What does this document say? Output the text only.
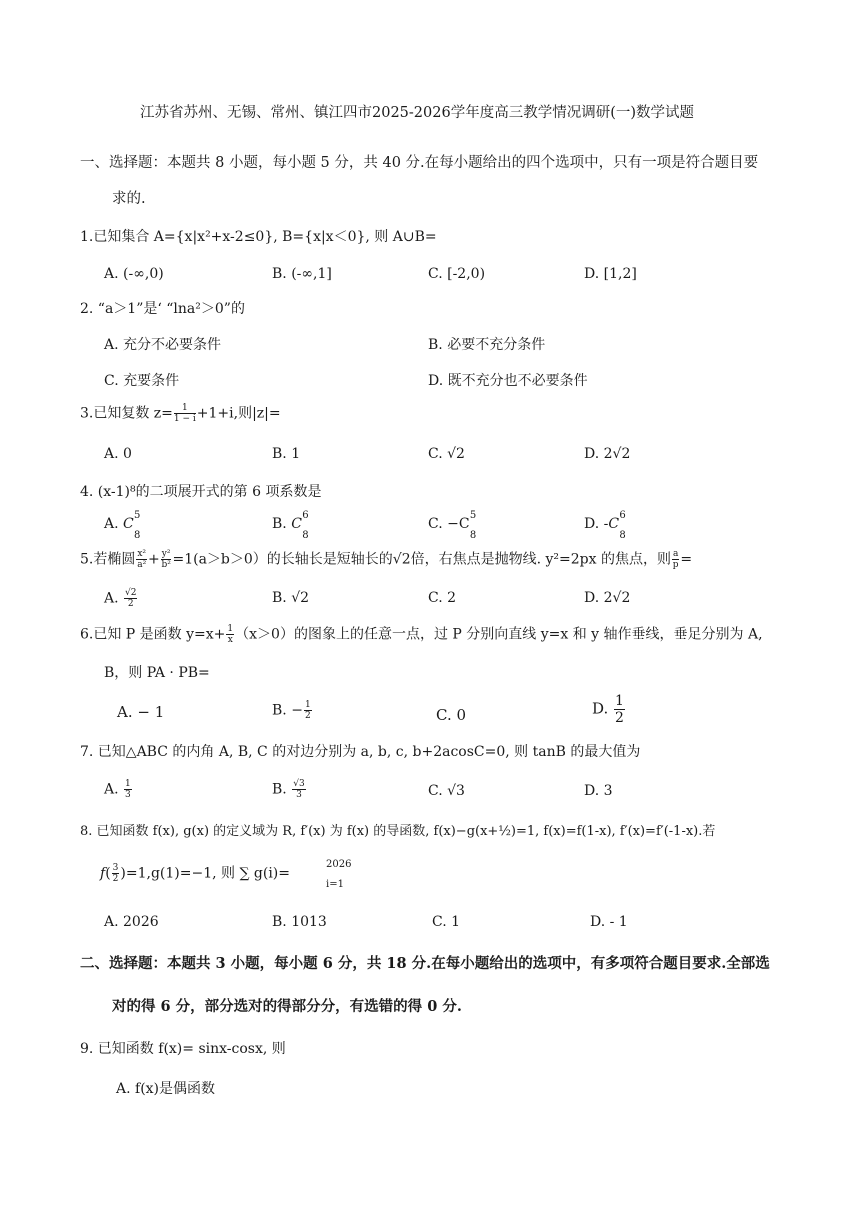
江苏省苏州、无锡、常州、镇江四市2025-2026学年度高三教学情况调研(一)数学试题
一、选择题：本题共 8 小题，每小题 5 分，共 40 分.在每小题给出的四个选项中，只有一项是符合题目要
求的.
1.已知集合 A={x|x²+x-2≤0}, B={x|x＜0}, 则 A∪B=
A. (-∞,0)	B. (-∞,1]	C. [-2,0)	D. [1,2]
2. “a＞1”是‘ “lna²＞0”的
A. 充分不必要条件	B. 必要不充分条件
C. 充要条件	D. 既不充分也不必要条件
3.已知复数 $z= \frac{1}{1 - i} +1+i$,则|z|=
A. 0	B. 1	C. √2	D. 2√2
4. (x-1)⁸的二项展开式的第 6 项系数是
A. C
5
8
B. C
6
8
C. − C
5
8
D. - C
6
8
5.若椭圆 $\frac{\text{x²}}{\text{a²}} + \frac{\text{y²}}{\text{b²}} =1(a>b>0)$的长轴长是短轴长的√2倍，右焦点是抛物线. y²=2px 的焦点，则 $\frac{a}{p}$ =
A. $\frac{√2}{2}$	B. √2	C. 2	D. 2√2
6.已知 P 是函数 $y=x+ \frac{1}{x} (x>0)$的图象上的任意一点，过 P 分别向直线 y=x 和 y 轴作垂线，垂足分别为 A,
B，则 PA · PB=
A. − 1	B. − $\frac{1}{2}$	C. 0	D. $\frac{1}{2}$
7. 已知△ABC 的内角 A, B, C 的对边分别为 a, b, c, b+2acosC=0, 则 tanB 的最大值为
A. $\frac{1}{3}$	B. $\frac{√3}{3}$	C. √3	D. 3
8. 已知函数 f(x), g(x) 的定义域为 R, f′(x) 为 f(x) 的导函数, f(x)−g(x+½)=1, f(x)=f(1-x), f′(x)=f′(-1-x).若
$f( \frac{3}{2} )=1,g(1)=-1$, 则 ∑ g(i)=
2026
i=1
A. 2026	B. 1013	C. 1	D. - 1
二、选择题：本题共 3 小题，每小题 6 分，共 18 分.在每小题给出的选项中，有多项符合题目要求.全部选
对的得 6 分，部分选对的得部分分，有选错的得 0 分.
9. 已知函数 f(x)= sinx-cosx, 则
A. f(x)是偶函数
